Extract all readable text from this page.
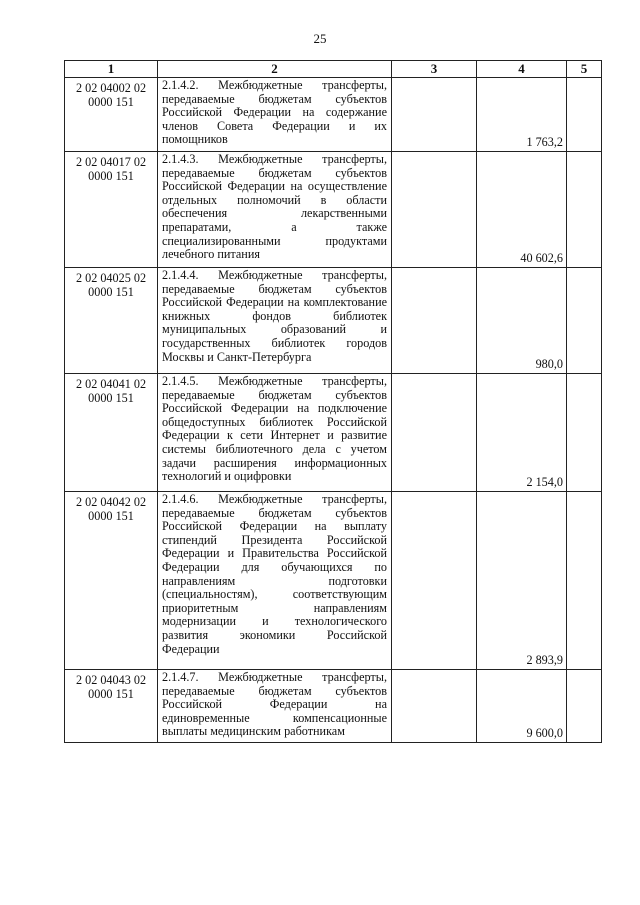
25
1	2	3	4	5
2 02 04002 02 0000 151	2.1.4.2. Межбюджетные трансферты, передаваемые бюджетам субъектов Российской Федерации на содержание членов Совета Федерации и их помощников		1 763,2	
2 02 04017 02 0000 151	2.1.4.3. Межбюджетные трансферты, передаваемые бюджетам субъектов Российской Федерации на осуществление отдельных полномочий в области обеспечения лекарственными препаратами, а также специализированными продуктами лечебного питания		40 602,6	
2 02 04025 02 0000 151	2.1.4.4. Межбюджетные трансферты, передаваемые бюджетам субъектов Российской Федерации на комплектование книжных фондов библиотек муниципальных образований и государственных библиотек городов Москвы и Санкт-Петербурга		980,0	
2 02 04041 02 0000 151	2.1.4.5. Межбюджетные трансферты, передаваемые бюджетам субъектов Российской Федерации на подключение общедоступных библиотек Российской Федерации к сети Интернет и развитие системы библиотечного дела с учетом задачи расширения информационных технологий и оцифровки		2 154,0	
2 02 04042 02 0000 151	2.1.4.6. Межбюджетные трансферты, передаваемые бюджетам субъектов Российской Федерации на выплату стипендий Президента Российской Федерации и Правительства Российской Федерации для обучающихся по направлениям подготовки (специальностям), соответствующим приоритетным направлениям модернизации и технологического развития экономики Российской Федерации		2 893,9	
2 02 04043 02 0000 151	2.1.4.7. Межбюджетные трансферты, передаваемые бюджетам субъектов Российской Федерации на единовременные компенсационные выплаты медицинским работникам		9 600,0	
